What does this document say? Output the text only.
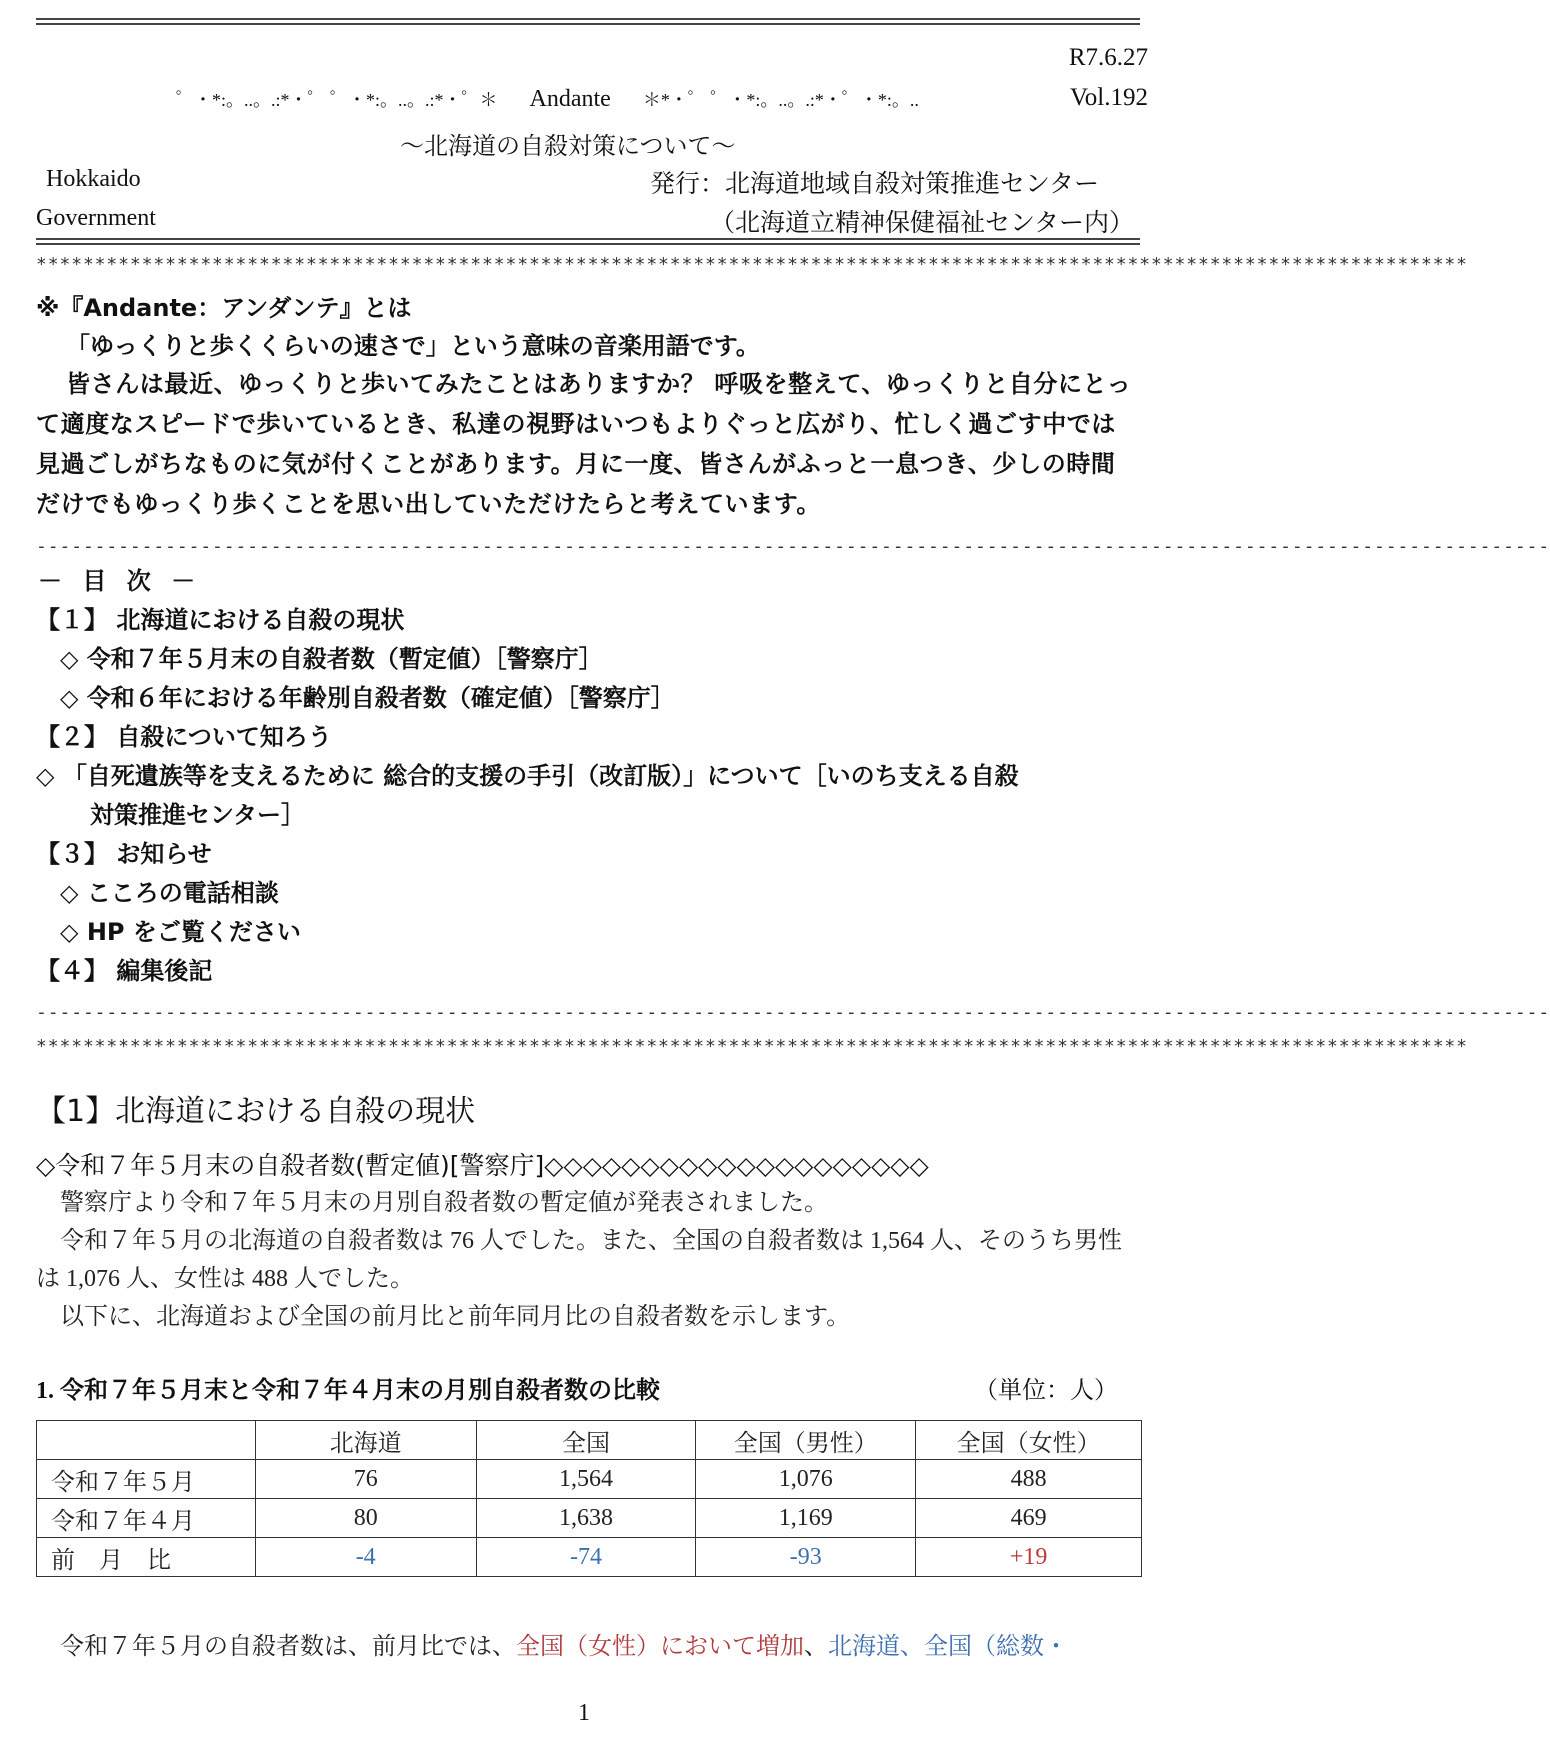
R7.6.27
Vol.192
゜・*:。..。.:*・゜ ゜・*:。..。.:*・゜＊ Andante ＊*・゜ ゜・*:。..。.:*・゜・*:。..
〜北海道の自殺対策について〜
Hokkaido
Government
発行：北海道地域自殺対策推進センター
（北海道立精神保健福祉センター内）
**************************************************************************************************************************
※『Andante：アンダンテ』とは
「ゆっくりと歩くくらいの速さで」という意味の音楽用語です。
皆さんは最近、ゆっくりと歩いてみたことはありますか？ 呼吸を整えて、ゆっくりと自分にとって適度なスピードで歩いているとき、私達の視野はいつもよりぐっと広がり、忙しく過ごす中では見過ごしがちなものに気が付くことがあります。月に一度、皆さんがふっと一息つき、少しの時間だけでもゆっくり歩くことを思い出していただけたらと考えています。
---------------------------------------------------------------------------------------------------------------------------------
－ 目 次 －
【１】 北海道における自殺の現状
◇ 令和７年５月末の自殺者数（暫定値）［警察庁］
◇ 令和６年における年齢別自殺者数（確定値）［警察庁］
【２】 自殺について知ろう
◇ 「自死遺族等を支えるために 総合的支援の手引（改訂版）」について［いのち支える自殺
対策推進センター］
【３】 お知らせ
◇ こころの電話相談
◇ HP をご覧ください
【４】 編集後記
---------------------------------------------------------------------------------------------------------------------------------
**************************************************************************************************************************
【1】北海道における自殺の現状
◇令和７年５月末の自殺者数(暫定値)[警察庁]◇◇◇◇◇◇◇◇◇◇◇◇◇◇◇◇◇◇◇◇
警察庁より令和７年５月末の月別自殺者数の暫定値が発表されました。
令和７年５月の北海道の自殺者数は 76 人でした。また、全国の自殺者数は 1,564 人、そのうち男性は 1,076 人、女性は 488 人でした。
以下に、北海道および全国の前月比と前年同月比の自殺者数を示します。
1. 令和７年５月末と令和７年４月末の月別自殺者数の比較	（単位：人）
	北海道	全国	全国（男性）	全国（女性）
令和７年５月	76	1,564	1,076	488
令和７年４月	80	1,638	1,169	469
前　月　比	-4	-74	-93	+19
令和７年５月の自殺者数は、前月比では、全国（女性）において増加、北海道、全国（総数・
1
